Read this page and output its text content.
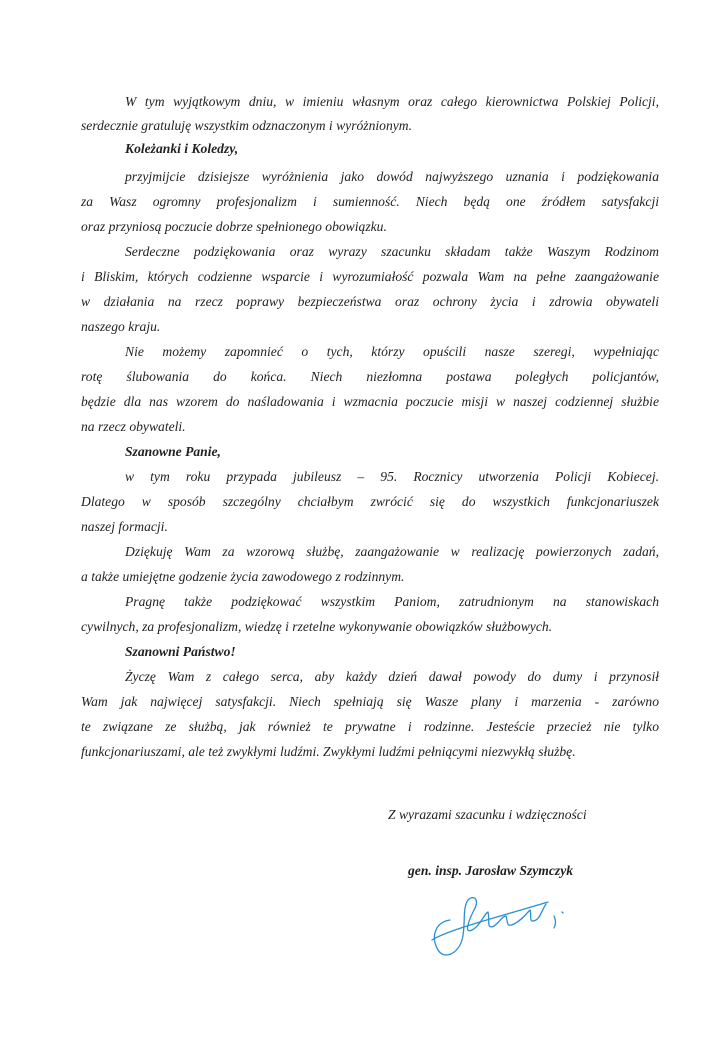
W tym wyjątkowym dniu, w imieniu własnym oraz całego kierownictwa Polskiej Policji,

serdecznie gratuluję wszystkim odznaczonym i wyróżnionym.

Koleżanki i Koledzy,

przyjmijcie dzisiejsze wyróżnienia jako dowód najwyższego uznania i podziękowania

za Wasz ogromny profesjonalizm i sumienność. Niech będą one źródłem satysfakcji

oraz przyniosą poczucie dobrze spełnionego obowiązku.

Serdeczne podziękowania oraz wyrazy szacunku składam także Waszym Rodzinom

i Bliskim, których codzienne wsparcie i wyrozumiałość pozwala Wam na pełne zaangażowanie

w działania na rzecz poprawy bezpieczeństwa oraz ochrony życia i zdrowia obywateli

naszego kraju.

Nie możemy zapomnieć o tych, którzy opuścili nasze szeregi, wypełniając

rotę ślubowania do końca. Niech niezłomna postawa poległych policjantów,

będzie dla nas wzorem do naśladowania i wzmacnia poczucie misji w naszej codziennej służbie

na rzecz obywateli.

Szanowne Panie,

w tym roku przypada jubileusz – 95. Rocznicy utworzenia Policji Kobiecej.

Dlatego w sposób szczególny chciałbym zwrócić się do wszystkich funkcjonariuszek

naszej formacji.

Dziękuję Wam za wzorową służbę, zaangażowanie w realizację powierzonych zadań,

a także umiejętne godzenie życia zawodowego z rodzinnym.

Pragnę także podziękować wszystkim Paniom, zatrudnionym na stanowiskach

cywilnych, za profesjonalizm, wiedzę i rzetelne wykonywanie obowiązków służbowych.

Szanowni Państwo!

Życzę Wam z całego serca, aby każdy dzień dawał powody do dumy i przynosił

Wam jak najwięcej satysfakcji. Niech spełniają się Wasze plany i marzenia - zarówno

te związane ze służbą, jak również te prywatne i rodzinne. Jesteście przecież nie tylko

funkcjonariuszami, ale też zwykłymi ludźmi. Zwykłymi ludźmi pełniącymi niezwykłą służbę.

Z wyrazami szacunku i wdzięczności

gen. insp. Jarosław Szymczyk
